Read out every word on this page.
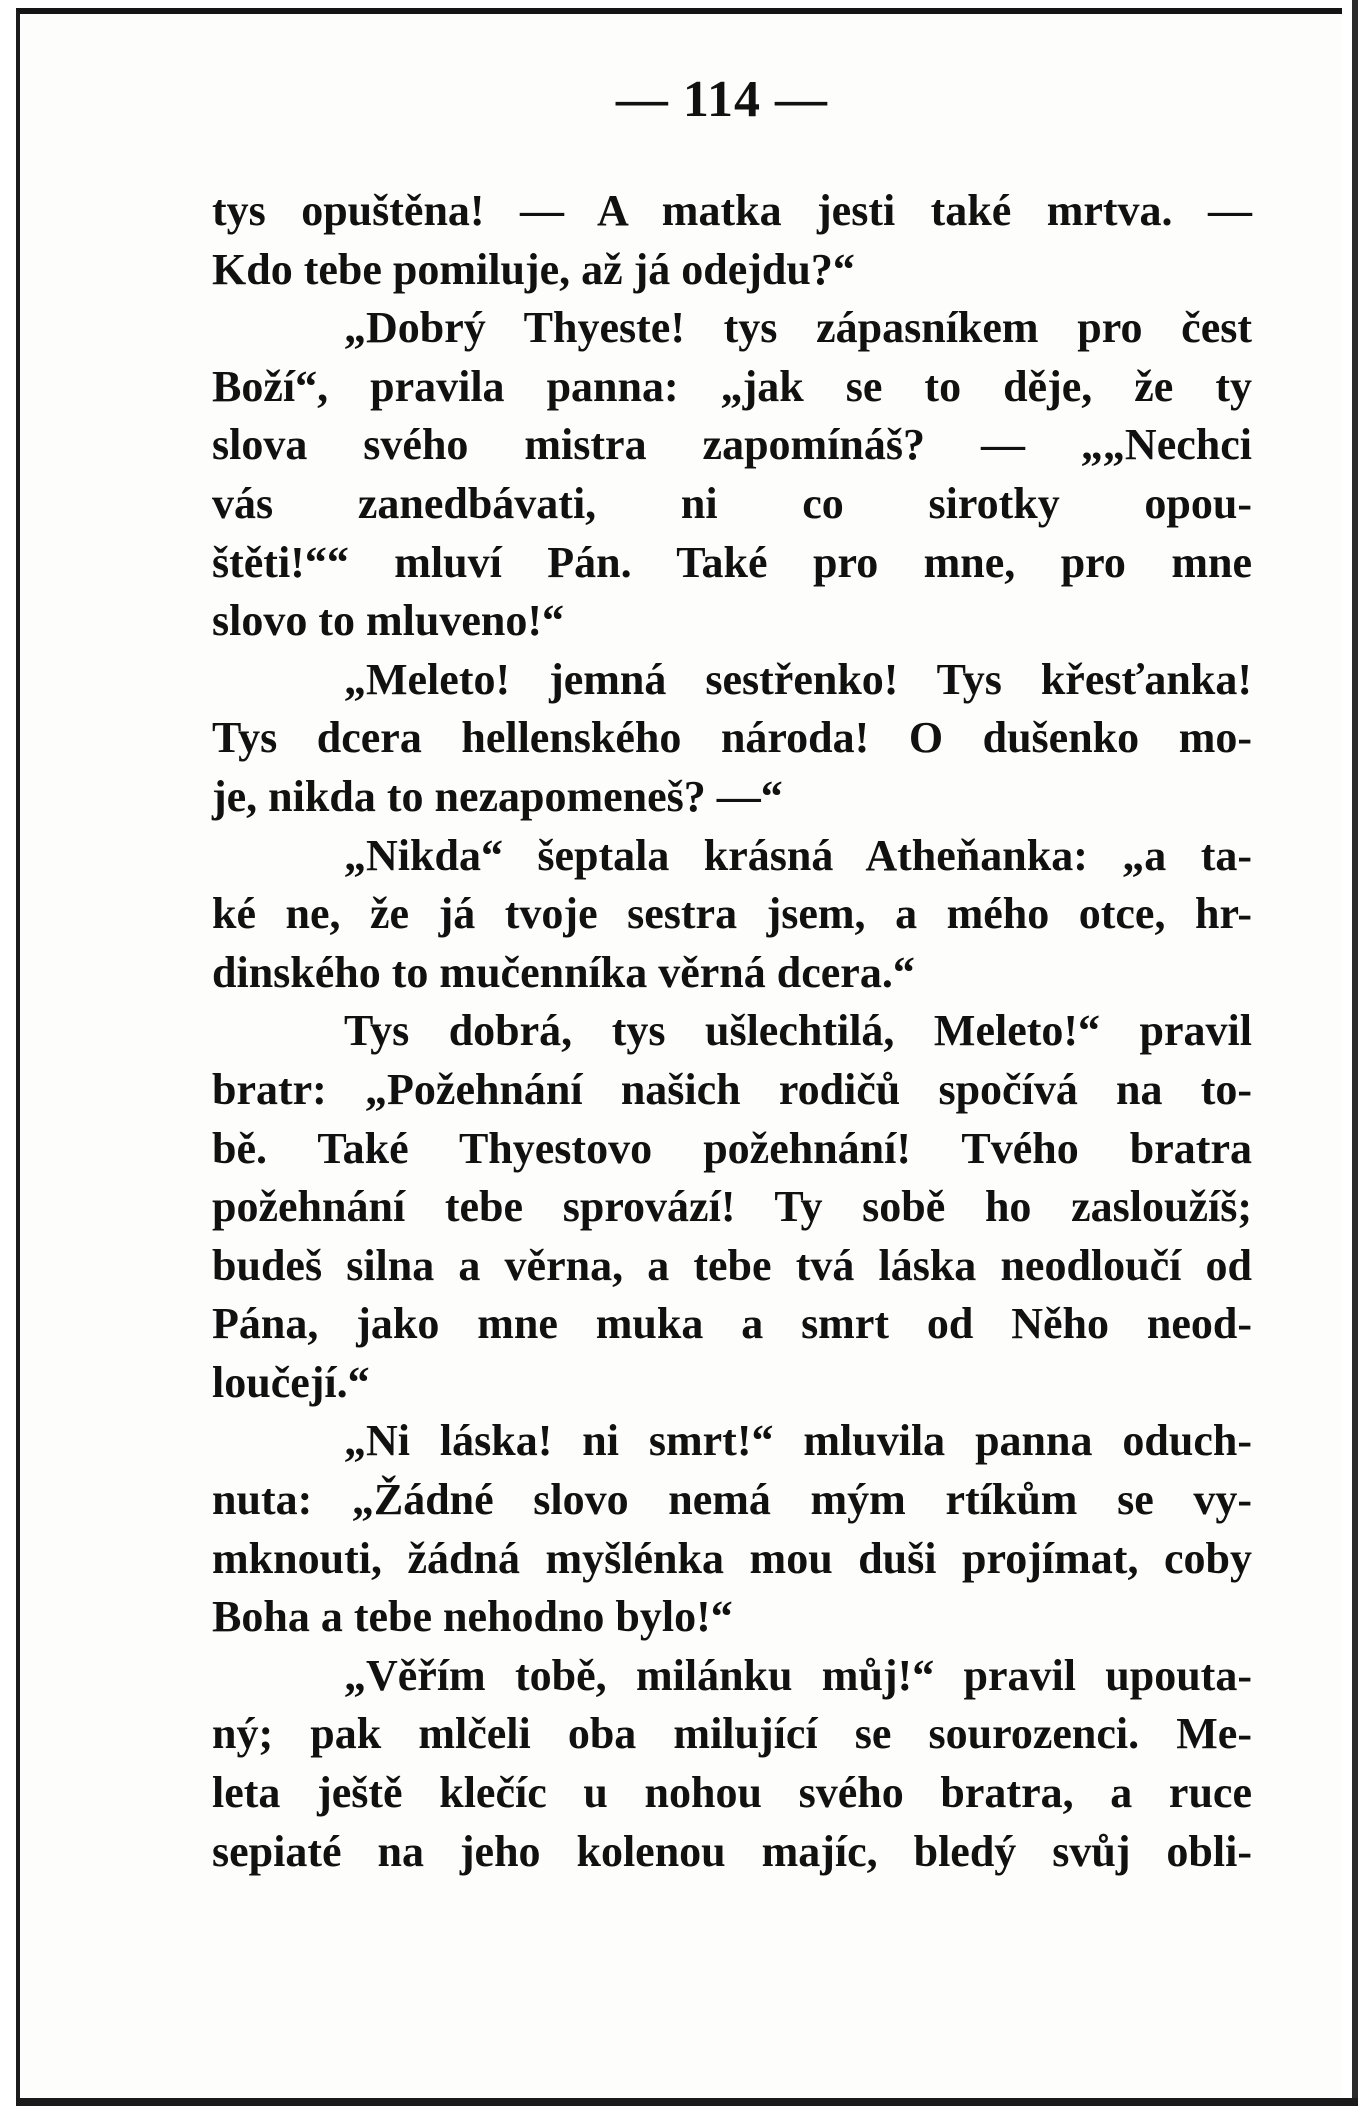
— 114 —
tys opuštěna! — A matka jesti také mrtva. —
Kdo tebe pomiluje, až já odejdu?“
„Dobrý Thyeste! tys zápasníkem pro čest
Boží“, pravila panna: „jak se to děje, že ty
slova svého mistra zapomínáš? — „„Nechci
vás zanedbávati, ni co sirotky opou-
štěti!““ mluví Pán. Také pro mne, pro mne
slovo to mluveno!“
„Meleto! jemná sestřenko! Tys křesťanka!
Tys dcera hellenského národa! O dušenko mo-
je, nikda to nezapomeneš? —“
„Nikda“ šeptala krásná Atheňanka: „a ta-
ké ne, že já tvoje sestra jsem, a mého otce, hr-
dinského to mučenníka věrná dcera.“
Tys dobrá, tys ušlechtilá, Meleto!“ pravil
bratr: „Požehnání našich rodičů spočívá na to-
bě. Také Thyestovo požehnání! Tvého bratra
požehnání tebe sprovází! Ty sobě ho zasloužíš;
budeš silna a věrna, a tebe tvá láska neodloučí od
Pána, jako mne muka a smrt od Něho neod-
loučejí.“
„Ni láska! ni smrt!“ mluvila panna oduch-
nuta: „Žádné slovo nemá mým rtíkům se vy-
mknouti, žádná myšlénka mou duši projímat, coby
Boha a tebe nehodno bylo!“
„Věřím tobě, milánku můj!“ pravil upouta-
ný; pak mlčeli oba milující se sourozenci. Me-
leta ještě klečíc u nohou svého bratra, a ruce
sepiaté na jeho kolenou majíc, bledý svůj obli-
